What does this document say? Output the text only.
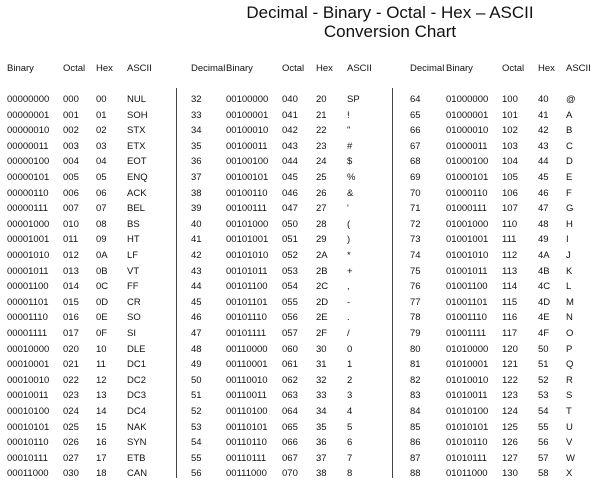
Decimal - Binary - Octal - Hex – ASCII
Conversion Chart
Binary	Octal Hex ASCII
00000000 000 00 NUL
00000001 001 01 SOH
00000010 002 02 STX
00000011 003 03 ETX
00000100 004 04 EOT
00000101 005 05 ENQ
00000110 006 06 ACK
00000111 007 07 BEL
00001000 010 08 BS
00001001 011 09 HT
00001010 012 0A LF
00001011 013 0B VT
00001100 014 0C FF
00001101 015 0D CR
00001110 016 0E SO
00001111 017 0F SI
00010000 020 10 DLE
00010001 021 11 DC1
00010010 022 12 DC2
00010011 023 13 DC3
00010100 024 14 DC4
00010101 025 15 NAK
00010110 026 16 SYN
00010111 027 17 ETB
00011000 030 18 CAN
Decimal Binary	Octal Hex ASCII
32	00100000 040 20 SP
33	00100001 041 21 !
34	00100010 042 22 "
35	00100011 043 23 #
36	00100100 044 24 $
37	00100101 045 25 %
38	00100110 046 26 &
39	00100111 047 27 '
40	00101000 050 28 (
41	00101001 051 29 )
42	00101010 052 2A *
43	00101011 053 2B +
44	00101100 054 2C ,
45	00101101 055 2D -
46	00101110 056 2E .
47	00101111 057 2F /
48	00110000 060 30 0
49	00110001 061 31 1
50	00110010 062 32 2
51	00110011 063 33 3
52	00110100 064 34 4
53	00110101 065 35 5
54	00110110 066 36 6
55	00110111 067 37 7
56	00111000 070 38 8
Decimal Binary	Octal Hex ASCII
64	01000000 100 40 @
65	01000001 101 41 A
66	01000010 102 42 B
67	01000011 103 43 C
68	01000100 104 44 D
69	01000101 105 45 E
70	01000110 106 46 F
71	01000111 107 47 G
72	01001000 110 48 H
73	01001001 111 49 I
74	01001010 112 4A J
75	01001011 113 4B K
76	01001100 114 4C L
77	01001101 115 4D M
78	01001110 116 4E N
79	01001111 117 4F O
80	01010000 120 50 P
81	01010001 121 51 Q
82	01010010 122 52 R
83	01010011 123 53 S
84	01010100 124 54 T
85	01010101 125 55 U
86	01010110 126 56 V
87	01010111 127 57 W
88	01011000 130 58 X
